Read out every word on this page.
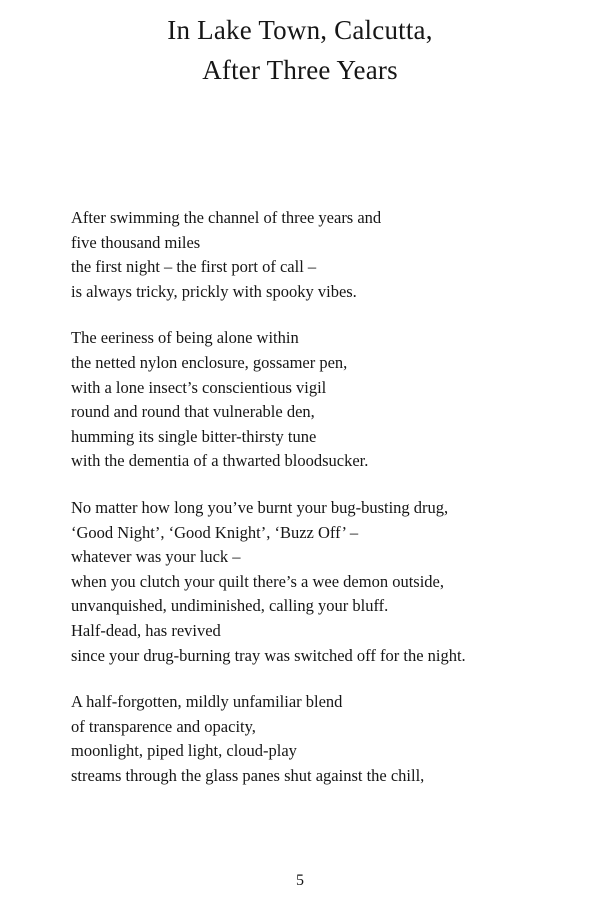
In Lake Town, Calcutta,
After Three Years
After swimming the channel of three years and
five thousand miles
the first night – the first port of call –
is always tricky, prickly with spooky vibes.
The eeriness of being alone within
the netted nylon enclosure, gossamer pen,
with a lone insect’s conscientious vigil
round and round that vulnerable den,
humming its single bitter-thirsty tune
with the dementia of a thwarted bloodsucker.
No matter how long you’ve burnt your bug-busting drug,
‘Good Night’, ‘Good Knight’, ‘Buzz Off’ –
whatever was your luck –
when you clutch your quilt there’s a wee demon outside,
unvanquished, undiminished, calling your bluff.
Half-dead, has revived
since your drug-burning tray was switched off for the night.
A half-forgotten, mildly unfamiliar blend
of transparence and opacity,
moonlight, piped light, cloud-play
streams through the glass panes shut against the chill,
5
